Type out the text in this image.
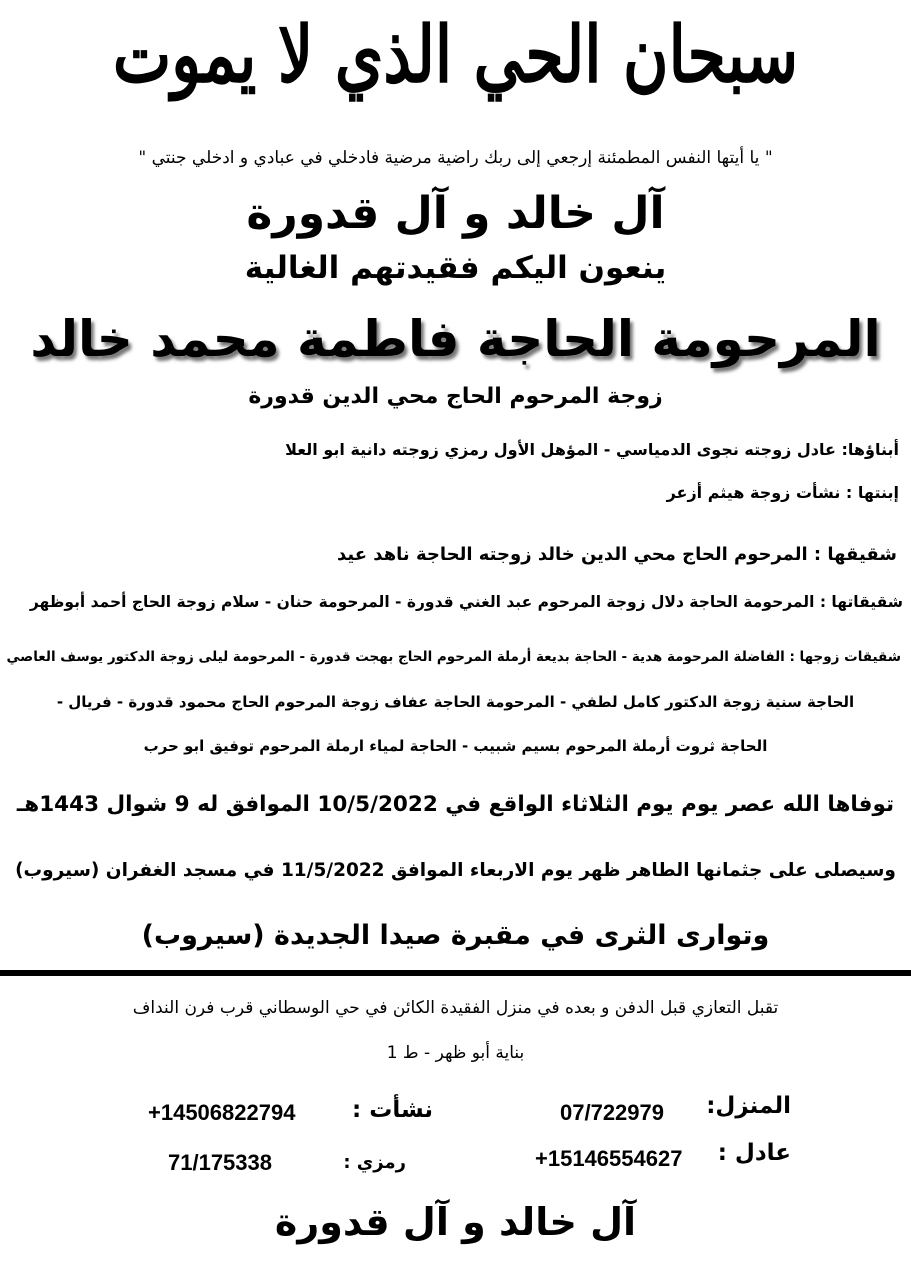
سبحان الحي الذي لا يموت
" يا أيتها النفس المطمئنة إرجعي إلى ربك راضية مرضية فادخلي في عبادي و ادخلي جنتي "
آل خالد و آل قدورة
ينعون اليكم فقيدتهم الغالية
المرحومة الحاجة فاطمة محمد خالد
زوجة المرحوم الحاج محي الدين قدورة
أبناؤها: عادل زوجته نجوى الدمياسي - المؤهل الأول رمزي زوجته دانية ابو العلا
إبنتها : نشأت زوجة هيثم أزعر
شقيقها : المرحوم الحاج محي الدين خالد زوجته الحاجة ناهد عيد
شقيقاتها : المرحومة الحاجة دلال زوجة المرحوم عبد الغني قدورة - المرحومة حنان - سلام زوجة الحاج أحمد أبوظهر
شقيقات زوجها : الفاضلة المرحومة هدية - الحاجة بديعة أرملة المرحوم الحاج بهجت قدورة - المرحومة ليلى زوجة الدكتور يوسف العاصي
الحاجة سنية زوجة الدكتور كامل لطفي - المرحومة الحاجة عفاف زوجة المرحوم الحاج محمود قدورة - فريال -
الحاجة ثروت أرملة المرحوم بسيم شبيب - الحاجة لمياء ارملة المرحوم توفيق ابو حرب
توفاها الله عصر يوم يوم الثلاثاء الواقع في 10/5/2022 الموافق له 9 شوال 1443هـ
وسيصلى على جثمانها الطاهر ظهر يوم الاربعاء الموافق 11/5/2022 في مسجد الغفران (سيروب)
وتوارى الثرى في مقبرة صيدا الجديدة (سيروب)
تقبل التعازي قبل الدفن و بعده في منزل الفقيدة الكائن في حي الوسطاني قرب فرن النداف
بناية أبو ظهر - ط 1
المنزل:
07/722979
نشأت :
+14506822794
عادل :
+15146554627
رمزي :
71/175338
آل خالد و آل قدورة
